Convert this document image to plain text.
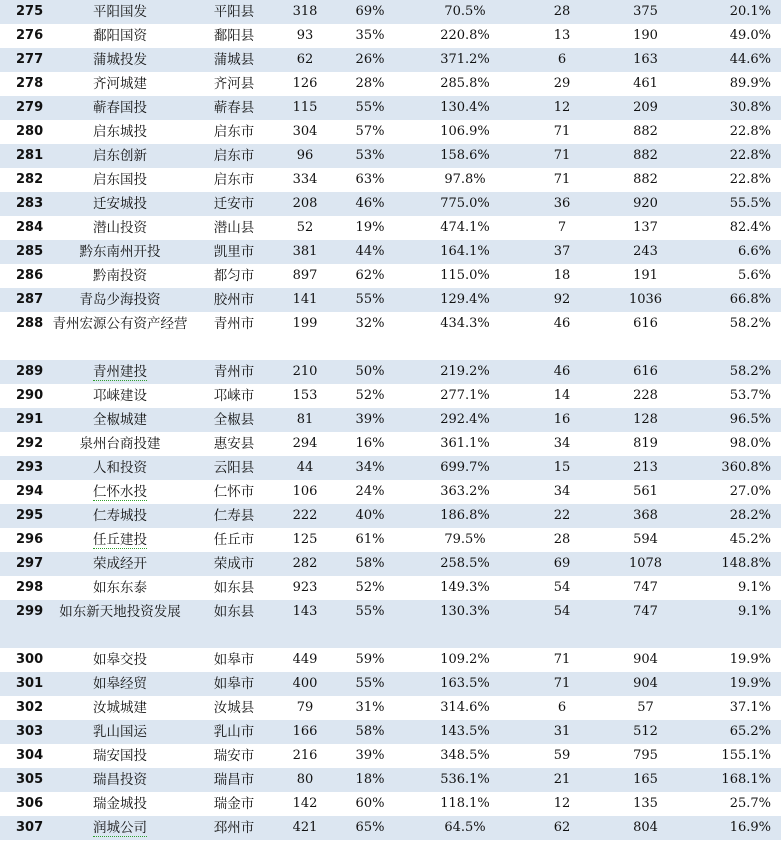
275	平阳国发	平阳县	318	69%	70.5%	28	375	20.1%
276	鄱阳国资	鄱阳县	93	35%	220.8%	13	190	49.0%
277	蒲城投发	蒲城县	62	26%	371.2%	6	163	44.6%
278	齐河城建	齐河县	126	28%	285.8%	29	461	89.9%
279	蕲春国投	蕲春县	115	55%	130.4%	12	209	30.8%
280	启东城投	启东市	304	57%	106.9%	71	882	22.8%
281	启东创新	启东市	96	53%	158.6%	71	882	22.8%
282	启东国投	启东市	334	63%	97.8%	71	882	22.8%
283	迁安城投	迁安市	208	46%	775.0%	36	920	55.5%
284	潜山投资	潜山县	52	19%	474.1%	7	137	82.4%
285	黔东南州开投	凯里市	381	44%	164.1%	37	243	6.6%
286	黔南投资	都匀市	897	62%	115.0%	18	191	5.6%
287	青岛少海投资	胶州市	141	55%	129.4%	92	1036	66.8%
288	青州宏源公有资产经营	青州市	199	32%	434.3%	46	616	58.2%
289	青州建投	青州市	210	50%	219.2%	46	616	58.2%
290	邛崃建设	邛崃市	153	52%	277.1%	14	228	53.7%
291	全椒城建	全椒县	81	39%	292.4%	16	128	96.5%
292	泉州台商投建	惠安县	294	16%	361.1%	34	819	98.0%
293	人和投资	云阳县	44	34%	699.7%	15	213	360.8%
294	仁怀水投	仁怀市	106	24%	363.2%	34	561	27.0%
295	仁寿城投	仁寿县	222	40%	186.8%	22	368	28.2%
296	任丘建投	任丘市	125	61%	79.5%	28	594	45.2%
297	荣成经开	荣成市	282	58%	258.5%	69	1078	148.8%
298	如东东泰	如东县	923	52%	149.3%	54	747	9.1%
299	如东新天地投资发展	如东县	143	55%	130.3%	54	747	9.1%
300	如皋交投	如皋市	449	59%	109.2%	71	904	19.9%
301	如皋经贸	如皋市	400	55%	163.5%	71	904	19.9%
302	汝城城建	汝城县	79	31%	314.6%	6	57	37.1%
303	乳山国运	乳山市	166	58%	143.5%	31	512	65.2%
304	瑞安国投	瑞安市	216	39%	348.5%	59	795	155.1%
305	瑞昌投资	瑞昌市	80	18%	536.1%	21	165	168.1%
306	瑞金城投	瑞金市	142	60%	118.1%	12	135	25.7%
307	润城公司	邳州市	421	65%	64.5%	62	804	16.9%
